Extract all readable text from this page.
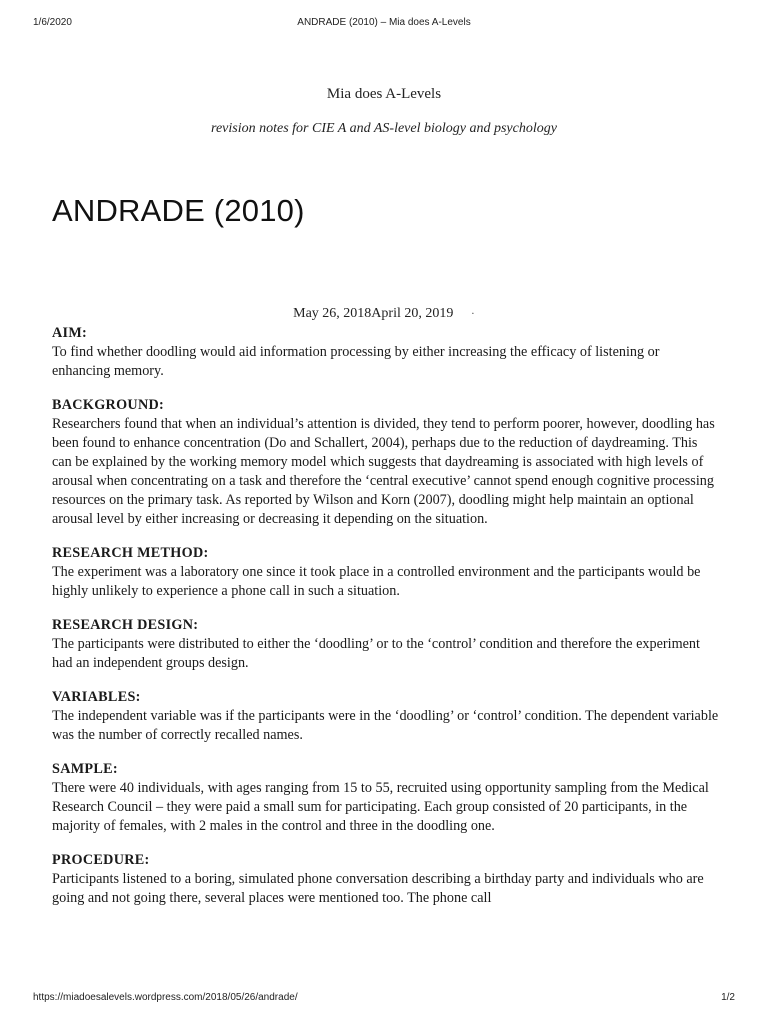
1/6/2020	ANDRADE (2010) – Mia does A-Levels
Mia does A-Levels
revision notes for CIE A and AS-level biology and psychology
ANDRADE (2010)
May 26, 2018April 20, 2019 ·
AIM:

To find whether doodling would aid information processing by either increasing the efficacy of listening or enhancing memory.

BACKGROUND:

Researchers found that when an individual’s attention is divided, they tend to perform poorer, however, doodling has been found to enhance concentration (Do and Schallert, 2004), perhaps due to the reduction of daydreaming. This can be explained by the working memory model which suggests that daydreaming is associated with high levels of arousal when concentrating on a task and therefore the ‘central executive’ cannot spend enough cognitive processing resources on the primary task. As reported by Wilson and Korn (2007), doodling might help maintain an optional arousal level by either increasing or decreasing it depending on the situation.

RESEARCH METHOD:

The experiment was a laboratory one since it took place in a controlled environment and the participants would be highly unlikely to experience a phone call in such a situation.

RESEARCH DESIGN:

The participants were distributed to either the ‘doodling’ or to the ‘control’ condition and therefore the experiment had an independent groups design.

VARIABLES:

The independent variable was if the participants were in the ‘doodling’ or ‘control’ condition. The dependent variable was the number of correctly recalled names.

SAMPLE:

There were 40 individuals, with ages ranging from 15 to 55, recruited using opportunity sampling from the Medical Research Council – they were paid a small sum for participating. Each group consisted of 20 participants, in the majority of females, with 2 males in the control and three in the doodling one.

PROCEDURE:

Participants listened to a boring, simulated phone conversation describing a birthday party and individuals who are going and not going there, several places were mentioned too. The phone call

https://miadoesalevels.wordpress.com/2018/05/26/andrade/	1/2
